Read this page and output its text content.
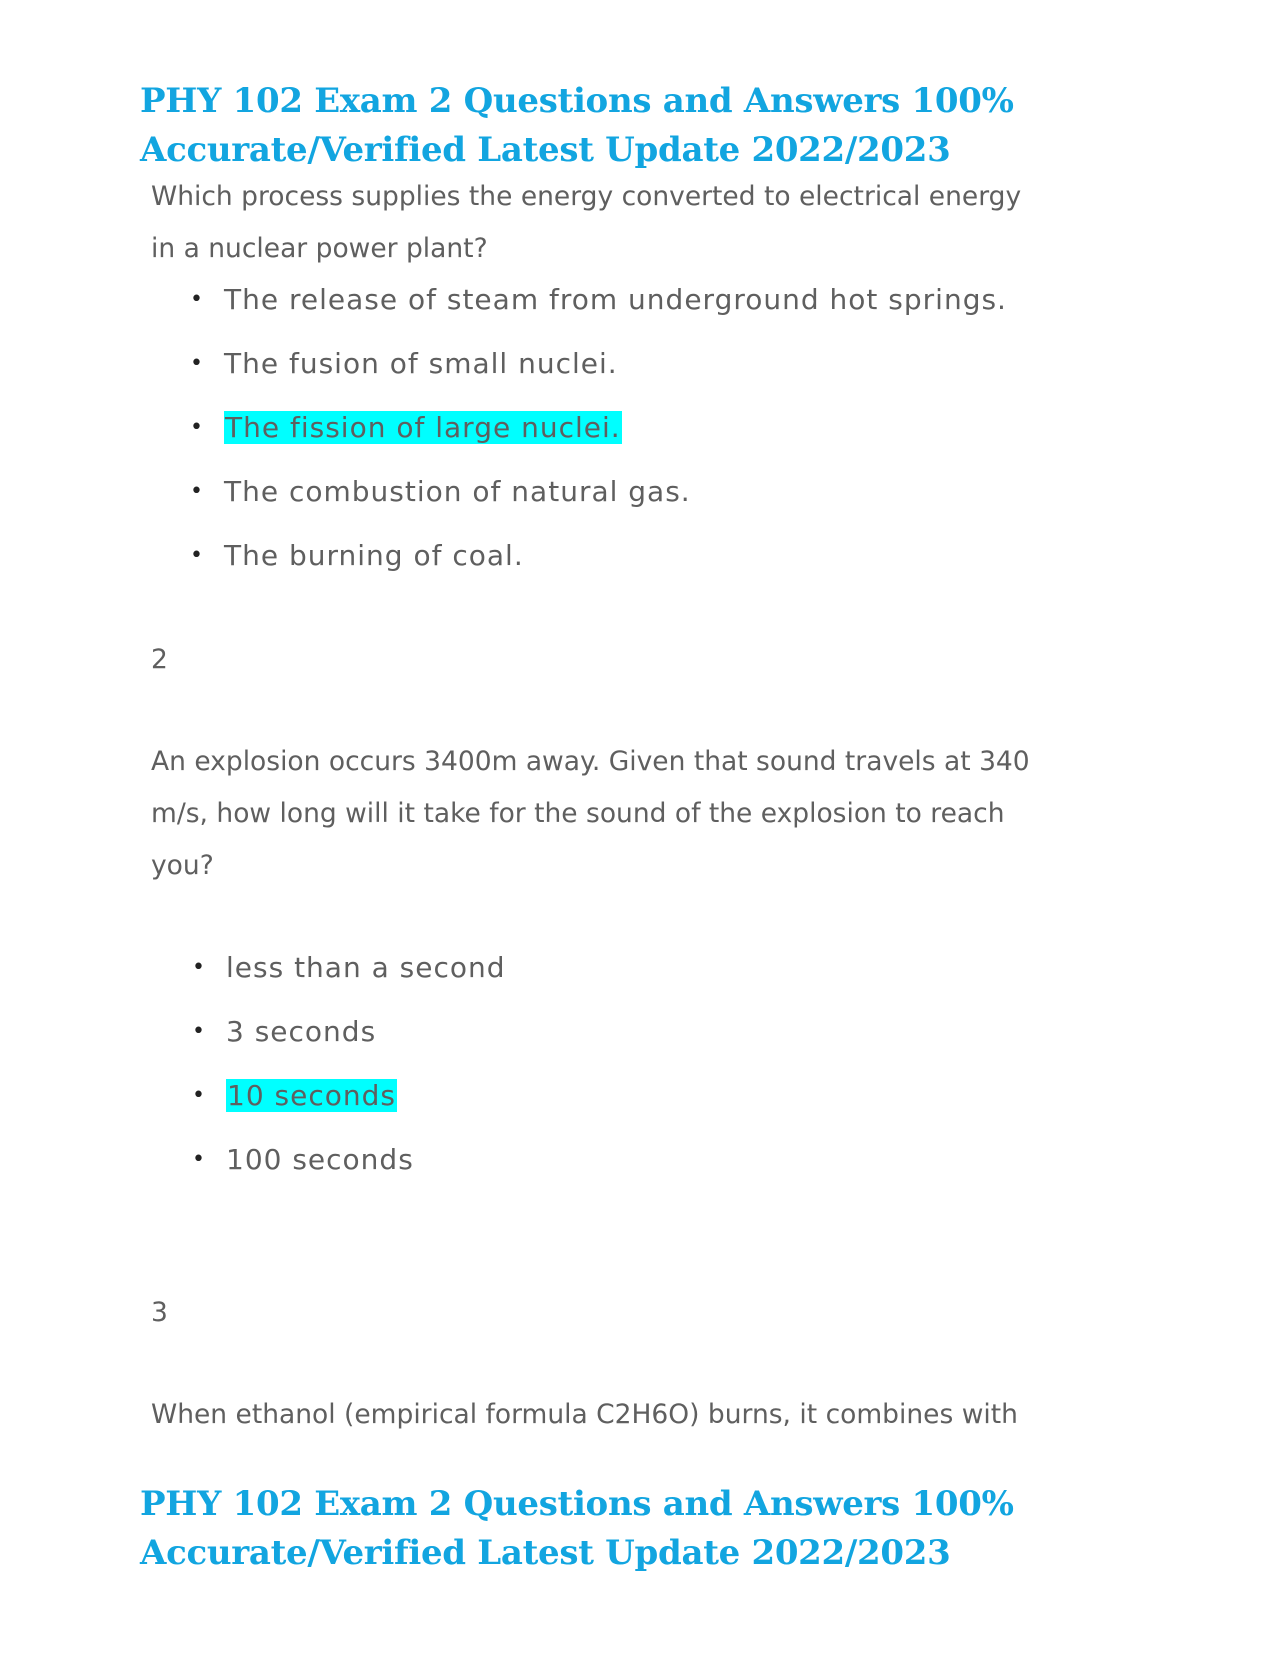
PHY 102 Exam 2 Questions and Answers 100%
Accurate/Verified Latest Update 2022/2023

Which process supplies the energy converted to electrical energy
in a nuclear power plant?

• The release of steam from underground hot springs.
• The fusion of small nuclei.
• The fission of large nuclei.
• The combustion of natural gas.
• The burning of coal.

2

An explosion occurs 3400m away. Given that sound travels at 340
m/s, how long will it take for the sound of the explosion to reach
you?

• less than a second
• 3 seconds
• 10 seconds
• 100 seconds

3

When ethanol (empirical formula C2H6O) burns, it combines with

PHY 102 Exam 2 Questions and Answers 100%
Accurate/Verified Latest Update 2022/2023
